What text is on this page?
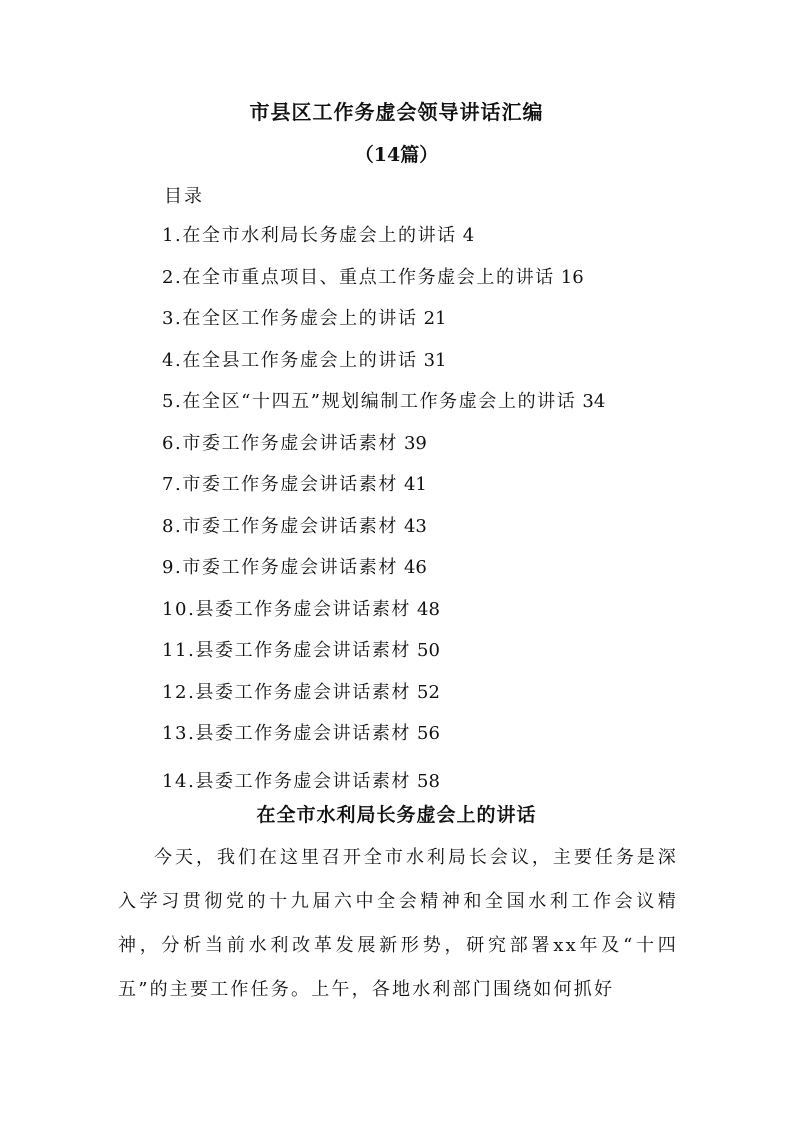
市县区工作务虚会领导讲话汇编
（14篇）
目录
1.在全市水利局长务虚会上的讲话 4
2.在全市重点项目、重点工作务虚会上的讲话 16
3.在全区工作务虚会上的讲话 21
4.在全县工作务虚会上的讲话 31
5.在全区“十四五”规划编制工作务虚会上的讲话 34
6.市委工作务虚会讲话素材 39
7.市委工作务虚会讲话素材 41
8.市委工作务虚会讲话素材 43
9.市委工作务虚会讲话素材 46
10.县委工作务虚会讲话素材 48
11.县委工作务虚会讲话素材 50
12.县委工作务虚会讲话素材 52
13.县委工作务虚会讲话素材 56
14.县委工作务虚会讲话素材 58
在全市水利局长务虚会上的讲话

今天，我们在这里召开全市水利局长会议，主要任务是深入学习贯彻党的十九届六中全会精神和全国水利工作会议精神，分析当前水利改革发展新形势，研究部署xx年及“十四五”的主要工作任务。上午，各地水利部门围绕如何抓好
